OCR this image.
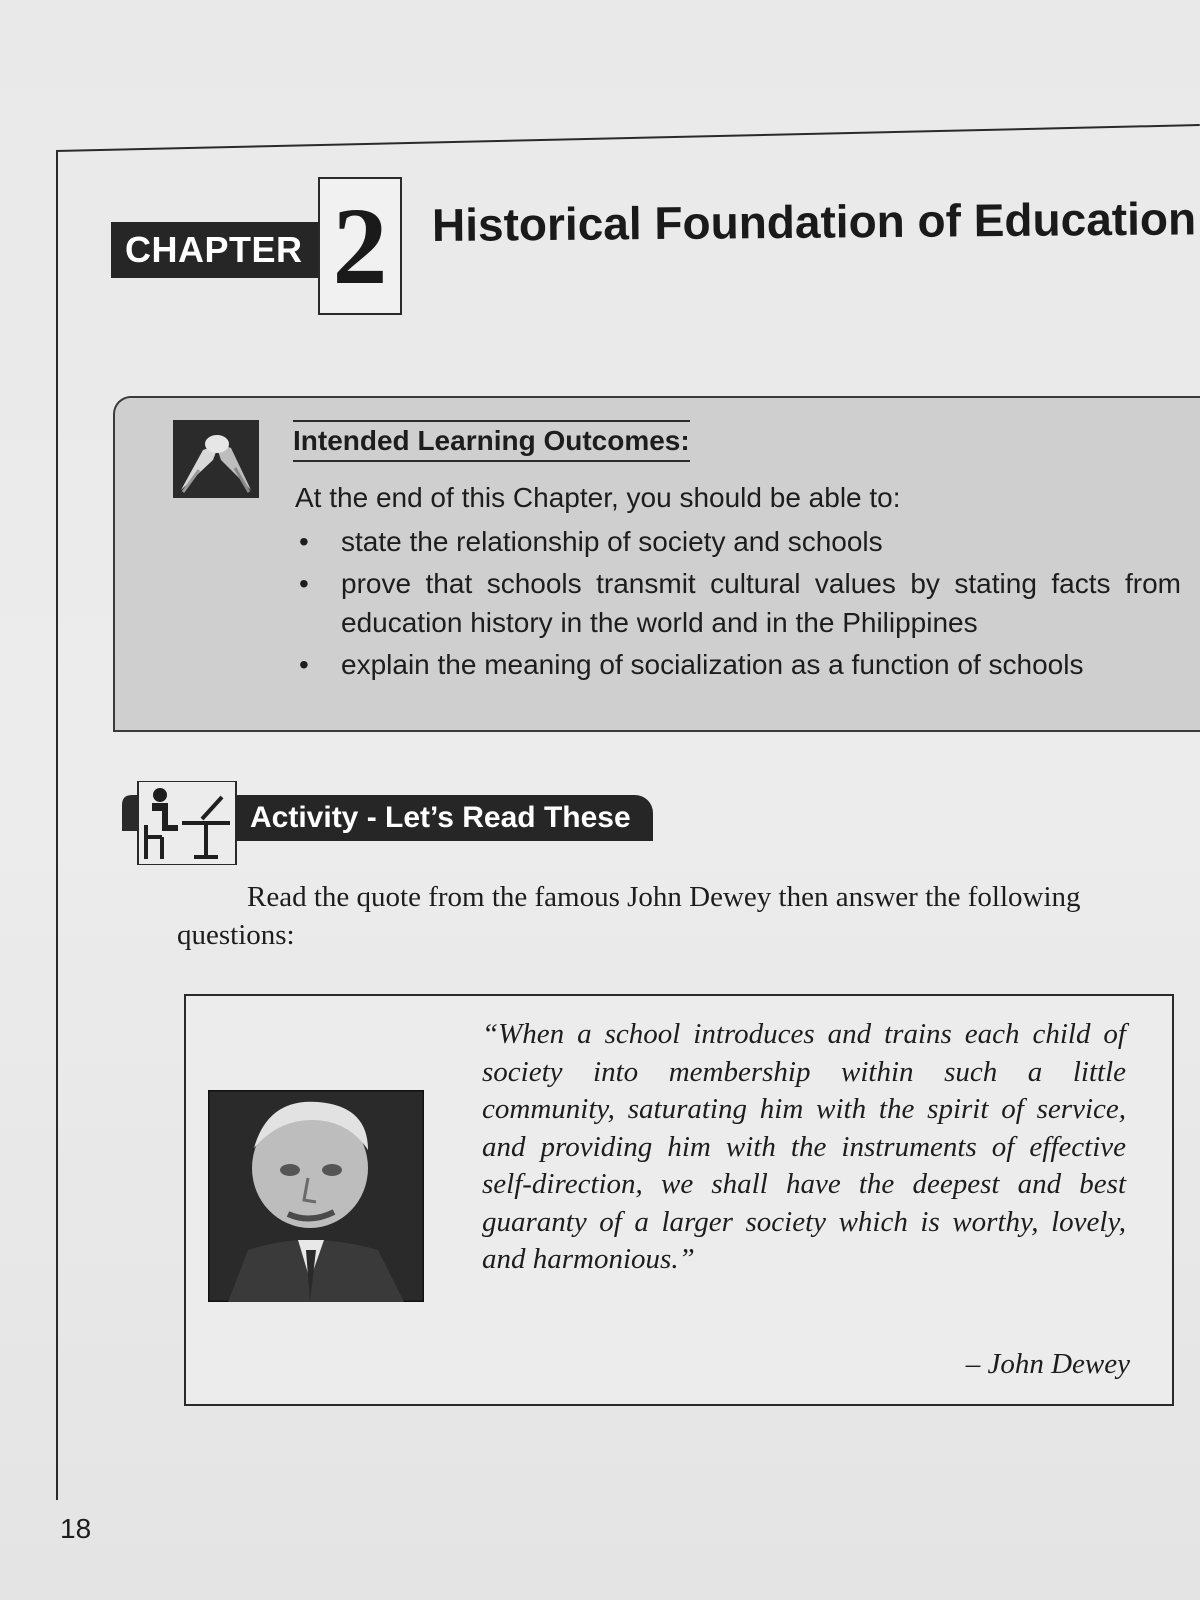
CHAPTER 2 Historical Foundation of Education
Intended Learning Outcomes:
At the end of this Chapter, you should be able to:
• state the relationship of society and schools
• prove that schools transmit cultural values by stating facts from education history in the world and in the Philippines
• explain the meaning of socialization as a function of schools
Activity - Let’s Read These
Read the quote from the famous John Dewey then answer the following questions:
“When a school introduces and trains each child of society into membership within such a little community, saturating him with the spirit of service, and providing him with the instruments of effective self-direction, we shall have the deepest and best guaranty of a larger society which is worthy, lovely, and harmonious.”
– John Dewey
18
